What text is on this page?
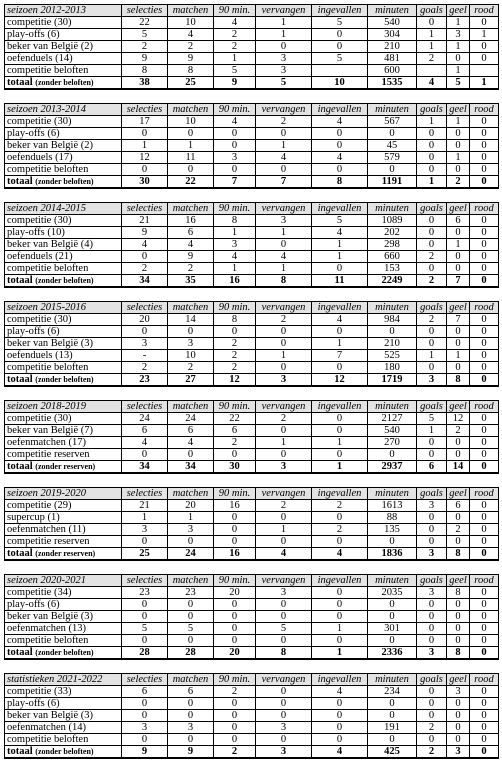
seizoen 2012-2013	selecties	matchen	90 min.	vervangen	ingevallen	minuten	goals	geel	rood
competitie (30)	22	10	4	1	5	540	0	1	0
play-offs (6)	5	4	2	1	0	304	1	3	1
beker van België (2)	2	2	2	0	0	210	1	1	0
oefenduels (14)	9	9	1	3	5	481	2	0	0
competitie beloften	8	8	5	3		600		1	
totaal (zonder beloften)	38	25	9	5	10	1535	4	5	1
seizoen 2013-2014	selecties	matchen	90 min.	vervangen	ingevallen	minuten	goals	geel	rood
competitie (30)	17	10	4	2	4	567	1	1	0
play-offs (6)	0	0	0	0	0	0	0	0	0
beker van België (2)	1	1	0	1	0	45	0	0	0
oefenduels (17)	12	11	3	4	4	579	0	1	0
competitie beloften	0	0	0	0	0	0	0	0	0
totaal (zonder beloften)	30	22	7	7	8	1191	1	2	0
seizoen 2014-2015	selecties	matchen	90 min.	vervangen	ingevallen	minuten	goals	geel	rood
competitie (30)	21	16	8	3	5	1089	0	6	0
play-offs (10)	9	6	1	1	4	202	0	0	0
beker van België (4)	4	4	3	0	1	298	0	1	0
oefenduels (21)	0	9	4	4	1	660	2	0	0
competitie beloften	2	2	1	1	0	153	0	0	0
totaal (zonder beloften)	34	35	16	8	11	2249	2	7	0
seizoen 2015-2016	selecties	matchen	90 min.	vervangen	ingevallen	minuten	goals	geel	rood
competitie (30)	20	14	8	2	4	984	2	7	0
play-offs (6)	0	0	0	0	0	0	0	0	0
beker van België (3)	3	3	2	0	1	210	0	0	0
oefenduels (13)	-	10	2	1	7	525	1	1	0
competitie beloften	2	2	2	0	0	180	0	0	0
totaal (zonder beloften)	23	27	12	3	12	1719	3	8	0
seizoen 2018-2019	selecties	matchen	90 min.	vervangen	ingevallen	minuten	goals	geel	rood
competitie (30)	24	24	22	2	0	2127	5	12	0
beker van België (7)	6	6	6	0	0	540	1	2	0
oefenmatchen (17)	4	4	2	1	1	270	0	0	0
competitie reserven	0	0	0	0	0	0	0	0	0
totaal (zonder reserven)	34	34	30	3	1	2937	6	14	0
seizoen 2019-2020	selecties	matchen	90 min.	vervangen	ingevallen	minuten	goals	geel	rood
competitie (29)	21	20	16	2	2	1613	3	6	0
supercup (1)	1	1	0	0	0	88	0	0	0
oefenmatchen (11)	3	3	0	1	2	135	0	2	0
competitie reserven	0	0	0	0	0	0	0	0	0
totaal (zonder reserven)	25	24	16	4	4	1836	3	8	0
seizoen 2020-2021	selecties	matchen	90 min.	vervangen	ingevallen	minuten	goals	geel	rood
competitie (34)	23	23	20	3	0	2035	3	8	0
play-offs (6)	0	0	0	0	0	0	0	0	0
beker van België (3)	0	0	0	0	0	0	0	0	0
oefenmatchen (13)	5	5	0	5	1	301	0	0	0
competitie beloften	0	0	0	0	0	0	0	0	0
totaal (zonder beloften)	28	28	20	8	1	2336	3	8	0
statistieken 2021-2022	selecties	matchen	90 min.	vervangen	ingevallen	minuten	goals	geel	rood
competitie (33)	6	6	2	0	4	234	0	3	0
play-offs (6)	0	0	0	0	0	0	0	0	0
beker van België (3)	0	0	0	0	0	0	0	0	0
oefenmatchen (14)	3	3	0	3	0	191	2	0	0
competitie beloften	0	0	0	0	0	0	0	0	0
totaal (zonder beloften)	9	9	2	3	4	425	2	3	0
